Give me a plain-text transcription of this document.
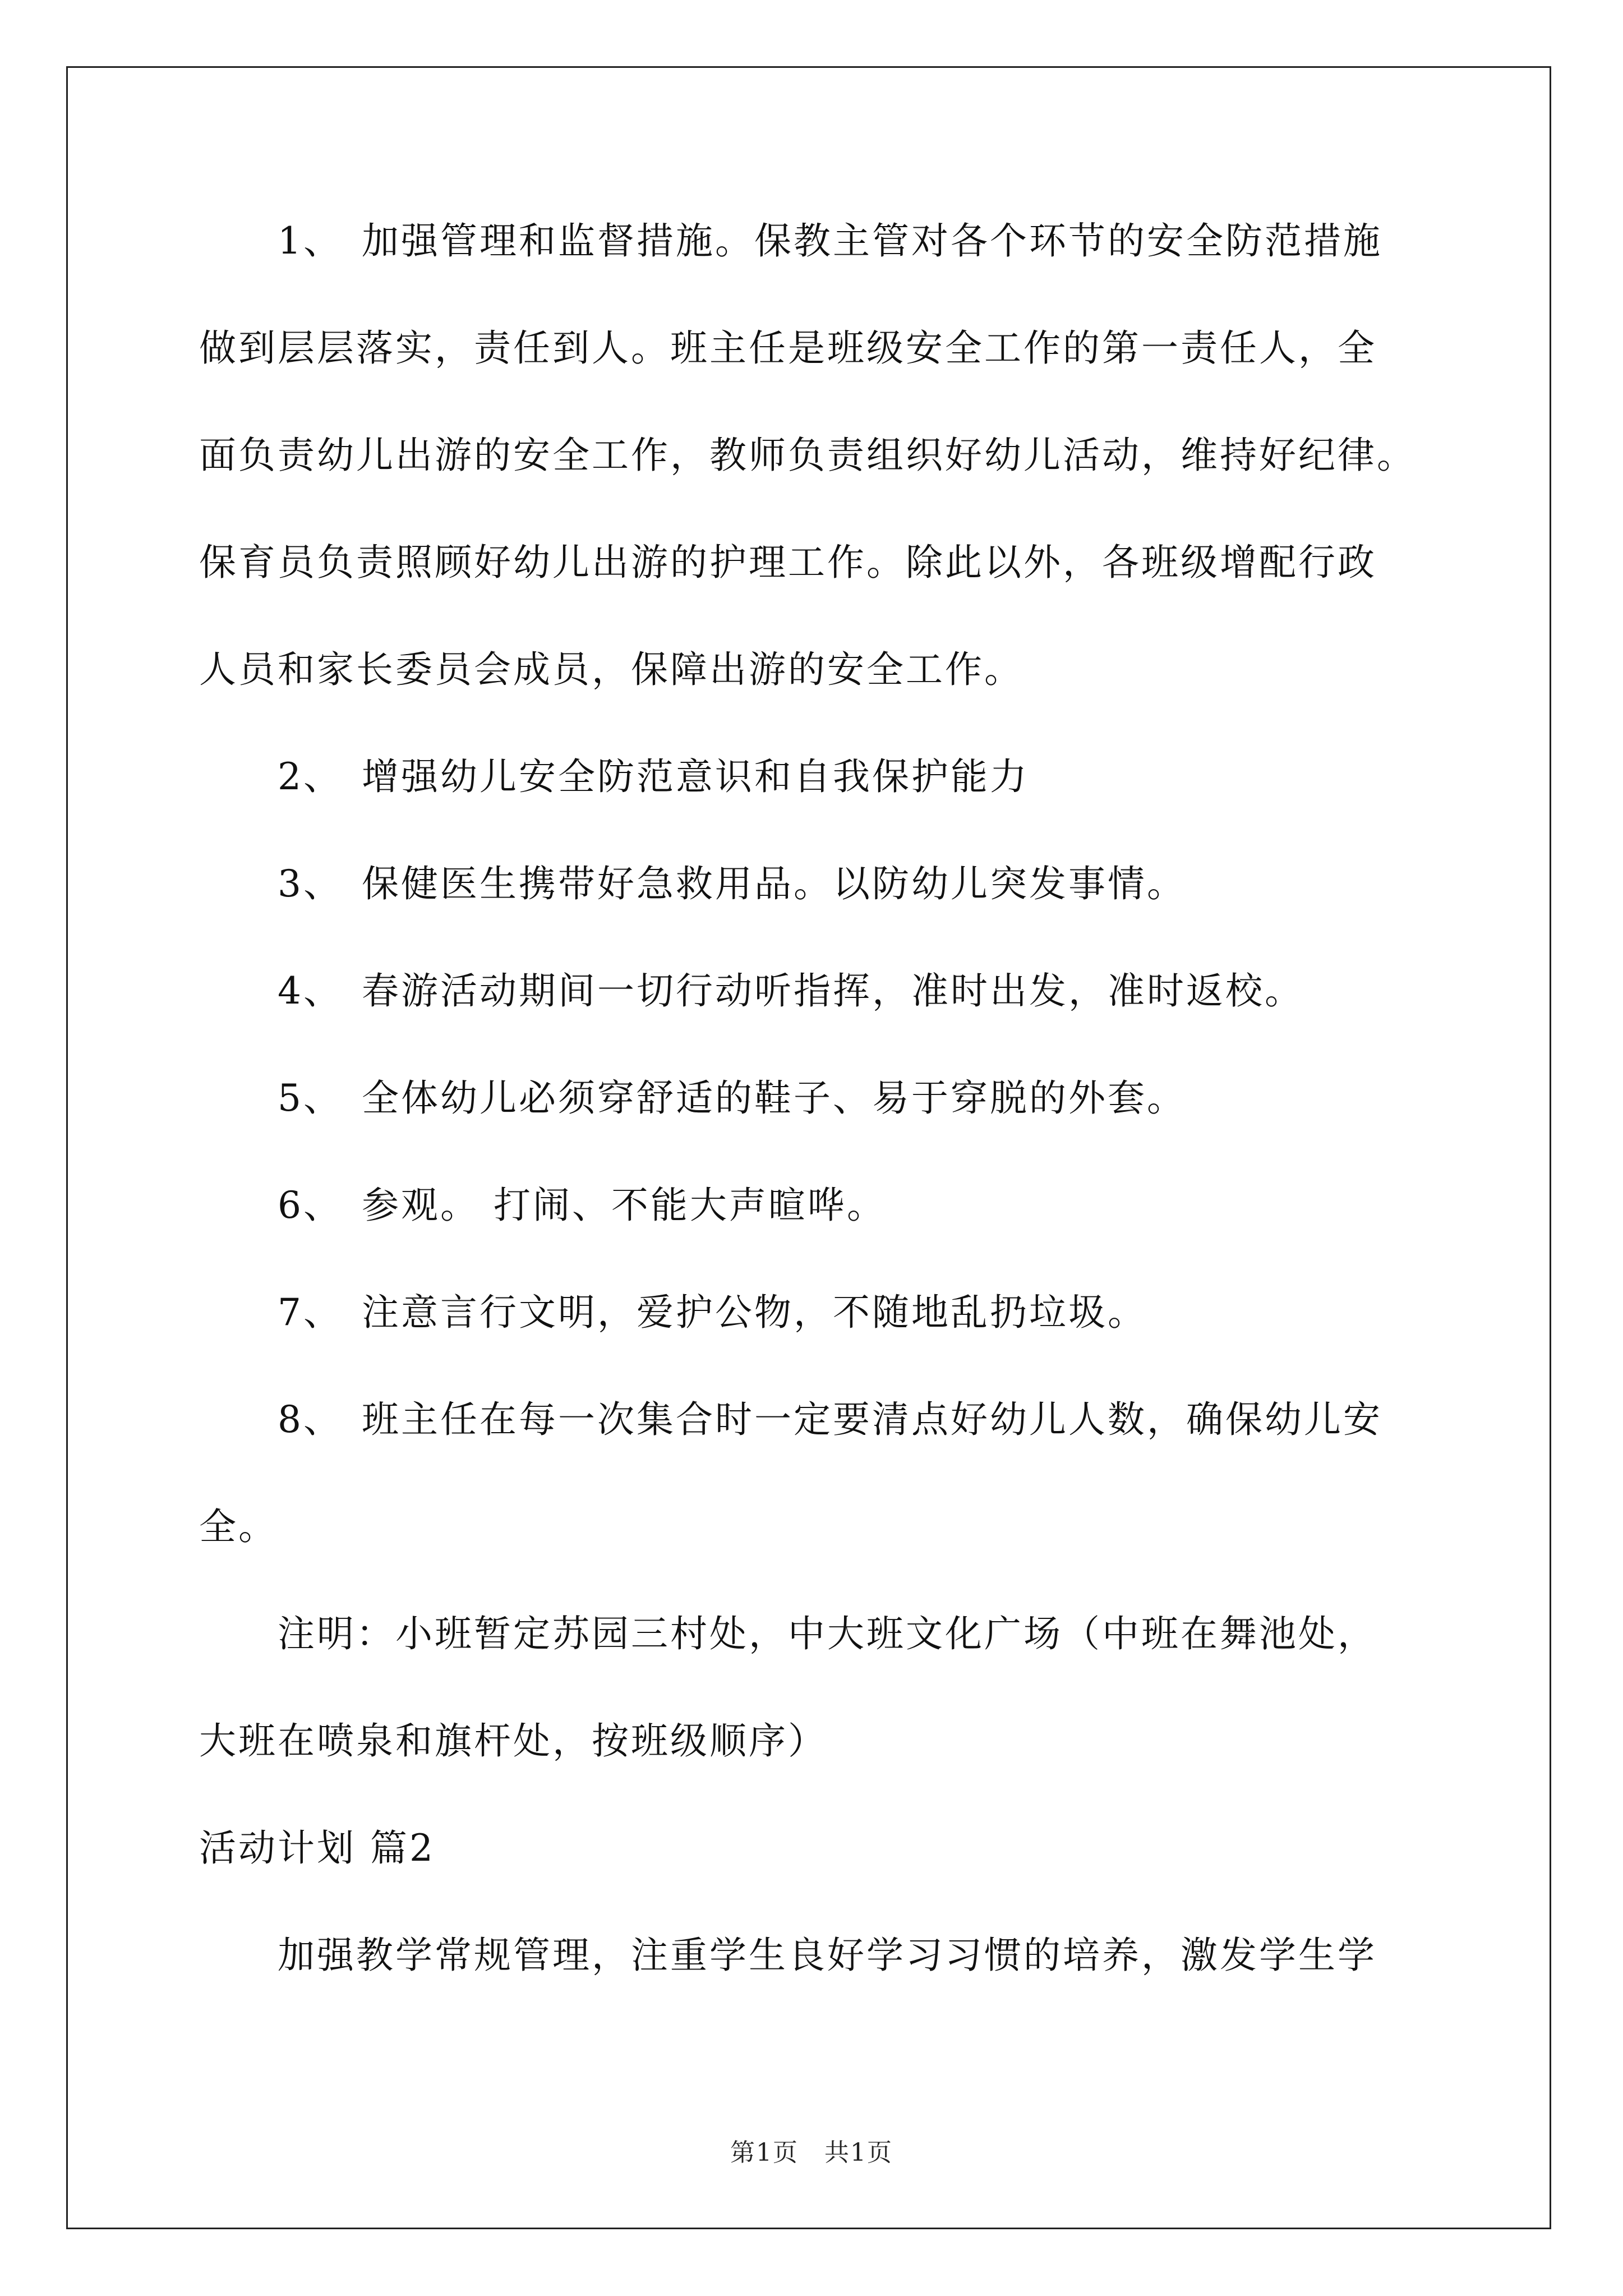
1、 加强管理和监督措施。保教主管对各个环节的安全防范措施
做到层层落实，责任到人。班主任是班级安全工作的第一责任人，全
面负责幼儿出游的安全工作，教师负责组织好幼儿活动，维持好纪律。
保育员负责照顾好幼儿出游的护理工作。除此以外，各班级增配行政
人员和家长委员会成员，保障出游的安全工作。
2、 增强幼儿安全防范意识和自我保护能力
3、 保健医生携带好急救用品。以防幼儿突发事情。
4、 春游活动期间一切行动听指挥，准时出发，准时返校。
5、 全体幼儿必须穿舒适的鞋子、易于穿脱的外套。
6、 参观。 打闹、不能大声暄哗。
7、 注意言行文明，爱护公物，不随地乱扔垃圾。
8、 班主任在每一次集合时一定要清点好幼儿人数，确保幼儿安
全。
注明：小班暂定苏园三村处，中大班文化广场（中班在舞池处，
大班在喷泉和旗杆处，按班级顺序）
活动计划 篇2
加强教学常规管理，注重学生良好学习习惯的培养，激发学生学
第1页　共1页
